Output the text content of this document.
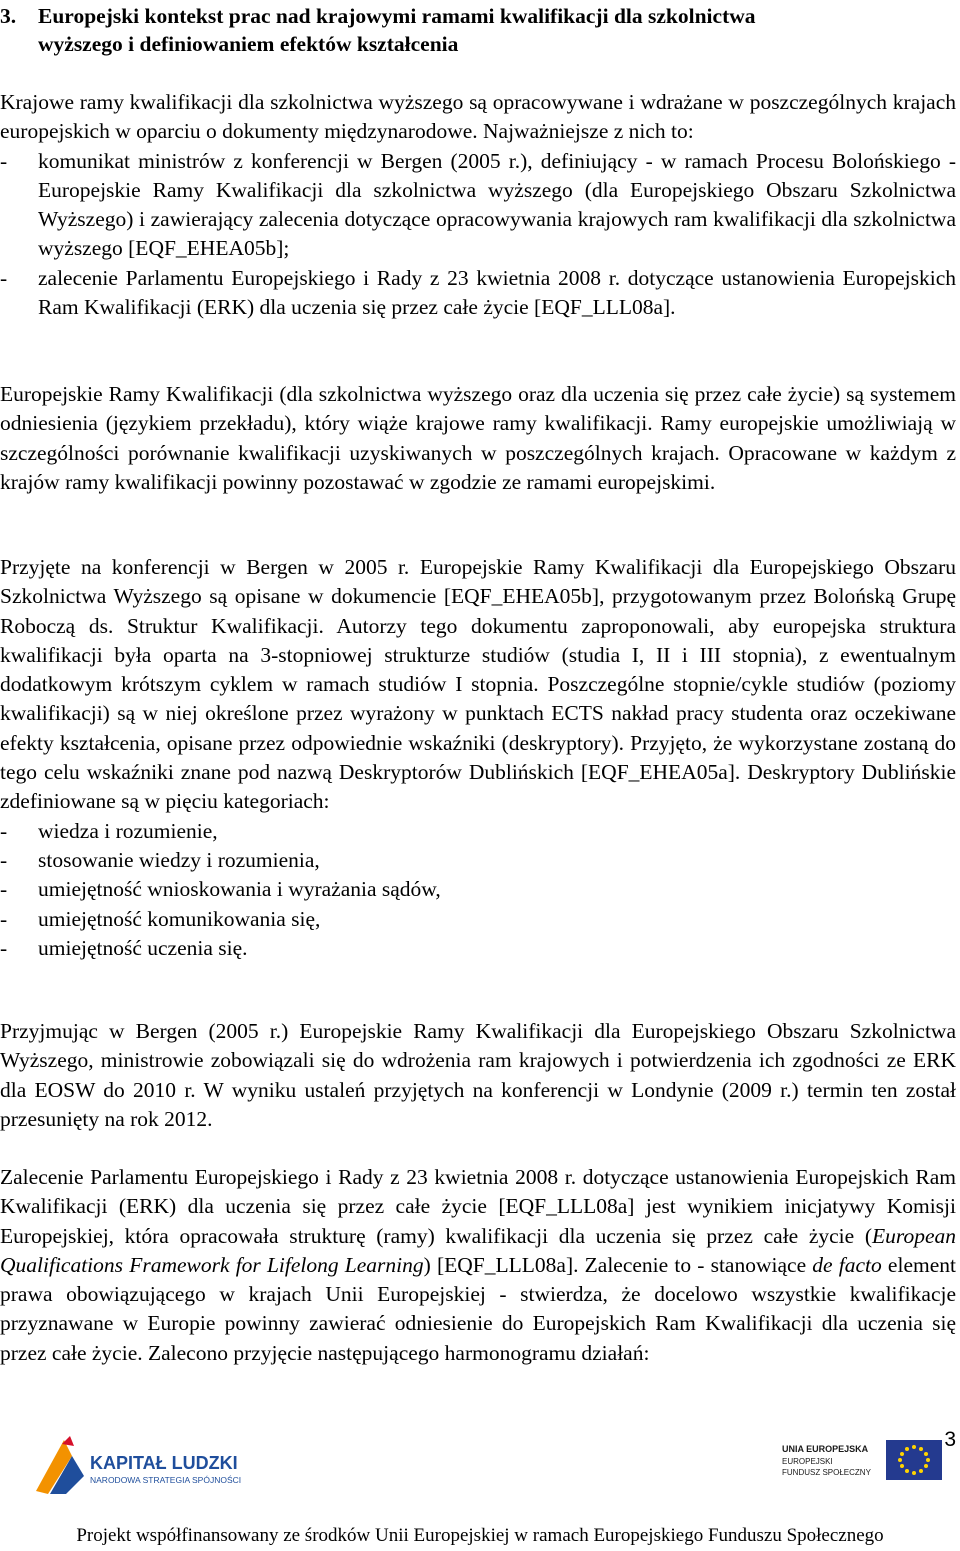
3. Europejski kontekst prac nad krajowymi ramami kwalifikacji dla szkolnictwa
wyższego i definiowaniem efektów kształcenia

Krajowe ramy kwalifikacji dla szkolnictwa wyższego są opracowywane i wdrażane w poszczególnych krajach europejskich w oparciu o dokumenty międzynarodowe. Najważniejsze z nich to:

- komunikat ministrów z konferencji w Bergen (2005 r.), definiujący - w ramach Procesu Bolońskiego - Europejskie Ramy Kwalifikacji dla szkolnictwa wyższego (dla Europejskiego Obszaru Szkolnictwa Wyższego) i zawierający zalecenia dotyczące opracowywania krajowych ram kwalifikacji dla szkolnictwa wyższego [EQF_EHEA05b];
- zalecenie Parlamentu Europejskiego i Rady z 23 kwietnia 2008 r. dotyczące ustanowienia Europejskich Ram Kwalifikacji (ERK) dla uczenia się przez całe życie [EQF_LLL08a].

Europejskie Ramy Kwalifikacji (dla szkolnictwa wyższego oraz dla uczenia się przez całe życie) są systemem odniesienia (językiem przekładu), który wiąże krajowe ramy kwalifikacji. Ramy europejskie umożliwiają w szczególności porównanie kwalifikacji uzyskiwanych w poszczególnych krajach. Opracowane w każdym z krajów ramy kwalifikacji powinny pozostawać w zgodzie ze ramami europejskimi.

Przyjęte na konferencji w Bergen w 2005 r. Europejskie Ramy Kwalifikacji dla Europejskiego Obszaru Szkolnictwa Wyższego są opisane w dokumencie [EQF_EHEA05b], przygotowanym przez Bolońską Grupę Roboczą ds. Struktur Kwalifikacji. Autorzy tego dokumentu zaproponowali, aby europejska struktura kwalifikacji była oparta na 3-stopniowej strukturze studiów (studia I, II i III stopnia), z ewentualnym dodatkowym krótszym cyklem w ramach studiów I stopnia. Poszczególne stopnie/cykle studiów (poziomy kwalifikacji) są w niej określone przez wyrażony w punktach ECTS nakład pracy studenta oraz oczekiwane efekty kształcenia, opisane przez odpowiednie wskaźniki (deskryptory). Przyjęto, że wykorzystane zostaną do tego celu wskaźniki znane pod nazwą Deskryptorów Dublińskich [EQF_EHEA05a]. Deskryptory Dublińskie zdefiniowane są w pięciu kategoriach:

- wiedza i rozumienie,
- stosowanie wiedzy i rozumienia,
- umiejętność wnioskowania i wyrażania sądów,
- umiejętność komunikowania się,
- umiejętność uczenia się.

Przyjmując w Bergen (2005 r.) Europejskie Ramy Kwalifikacji dla Europejskiego Obszaru Szkolnictwa Wyższego, ministrowie zobowiązali się do wdrożenia ram krajowych i potwierdzenia ich zgodności ze ERK dla EOSW do 2010 r. W wyniku ustaleń przyjętych na konferencji w Londynie (2009 r.) termin ten został przesunięty na rok 2012.

Zalecenie Parlamentu Europejskiego i Rady z 23 kwietnia 2008 r. dotyczące ustanowienia Europejskich Ram Kwalifikacji (ERK) dla uczenia się przez całe życie [EQF_LLL08a] jest wynikiem inicjatywy Komisji Europejskiej, która opracowała strukturę (ramy) kwalifikacji dla uczenia się przez całe życie (European Qualifications Framework for Lifelong Learning) [EQF_LLL08a]. Zalecenie to - stanowiące de facto element prawa obowiązującego w krajach Unii Europejskiej - stwierdza, że docelowo wszystkie kwalifikacje przyznawane w Europie powinny zawierać odniesienie do Europejskich Ram Kwalifikacji dla uczenia się przez całe życie. Zalecono przyjęcie następującego harmonogramu działań:

KAPITAŁ LUDZKI
NARODOWA STRATEGIA SPÓJNOŚCI
UNIA EUROPEJSKA
EUROPEJSKI
FUNDUSZ SPOŁECZNY
3
Projekt współfinansowany ze środków Unii Europejskiej w ramach Europejskiego Funduszu Społecznego
